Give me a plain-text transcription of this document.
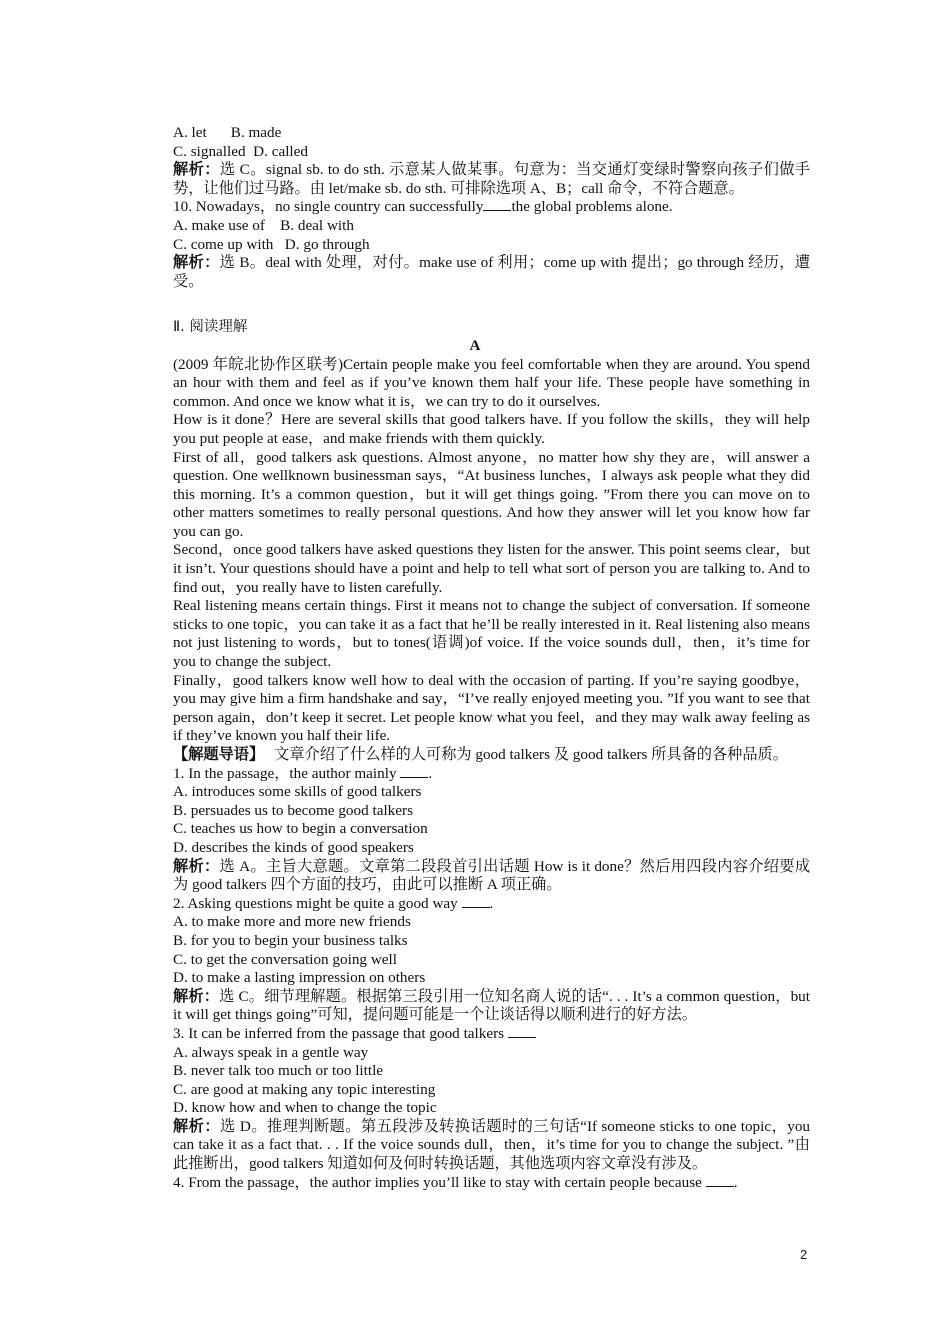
A. let B. made

C. signalled  D. called

解析：选 C。signal sb. to do sth. 示意某人做某事。句意为：当交通灯变绿时警察向孩子们做手势，让他们过马路。由 let/make sb. do sth. 可排除选项 A、B；call 命令，不符合题意。

10. Nowadays，no single country can successfully the global problems alone.

A. make use of    B. deal with

C. come up with   D. go through

解析：选 B。deal with 处理，对付。make use of 利用；come up with 提出；go through 经历，遭受。

Ⅱ. 阅读理解

A

(2009 年皖北协作区联考)Certain people make you feel comfortable when they are around. You spend an hour with them and feel as if you’ve known them half your life. These people have something in common. And once we know what it is，we can try to do it ourselves.

How is it done？Here are several skills that good talkers have. If you follow the skills，they will help you put people at ease，and make friends with them quickly.

First of all，good talkers ask questions. Almost anyone，no matter how shy they are，will answer a question. One wellknown businessman says，“At business lunches，I always ask people what they did this morning. It’s a common question，but it will get things going. ”From there you can move on to other matters sometimes to really personal questions. And how they answer will let you know how far you can go.

Second，once good talkers have asked questions they listen for the answer. This point seems clear，but it isn’t. Your questions should have a point and help to tell what sort of person you are talking to. And to find out，you really have to listen carefully.

Real listening means certain things. First it means not to change the subject of conversation. If someone sticks to one topic，you can take it as a fact that he’ll be really interested in it. Real listening also means not just listening to words，but to tones(语调)of voice. If the voice sounds dull，then，it’s time for you to change the subject.

Finally，good talkers know well how to deal with the occasion of parting. If you’re saying goodbye，you may give him a firm handshake and say，“I’ve really enjoyed meeting you. ”If you want to see that person again，don’t keep it secret. Let people know what you feel，and they may walk away feeling as if they’ve known you half their life.

【解题导语】 文章介绍了什么样的人可称为 good talkers 及 good talkers 所具备的各种品质。

1. In the passage，the author mainly .

A. introduces some skills of good talkers

B. persuades us to become good talkers

C. teaches us how to begin a conversation

D. describes the kinds of good speakers

解析：选 A。主旨大意题。文章第二段段首引出话题 How is it done？然后用四段内容介绍要成为 good talkers 四个方面的技巧，由此可以推断 A 项正确。

2. Asking questions might be quite a good way .

A. to make more and more new friends

B. for you to begin your business talks

C. to get the conversation going well

D. to make a lasting impression on others

解析：选 C。细节理解题。根据第三段引用一位知名商人说的话“. . . It’s a common question，but it will get things going”可知，提问题可能是一个让谈话得以顺利进行的好方法。

3. It can be inferred from the passage that good talkers

A. always speak in a gentle way

B. never talk too much or too little

C. are good at making any topic interesting

D. know how and when to change the topic

解析：选 D。推理判断题。第五段涉及转换话题时的三句话“If someone sticks to one topic，you can take it as a fact that. . . If the voice sounds dull，then，it’s time for you to change the subject. ”由此推断出，good talkers 知道如何及何时转换话题，其他选项内容文章没有涉及。

4. From the passage，the author implies you’ll like to stay with certain people because .

2
